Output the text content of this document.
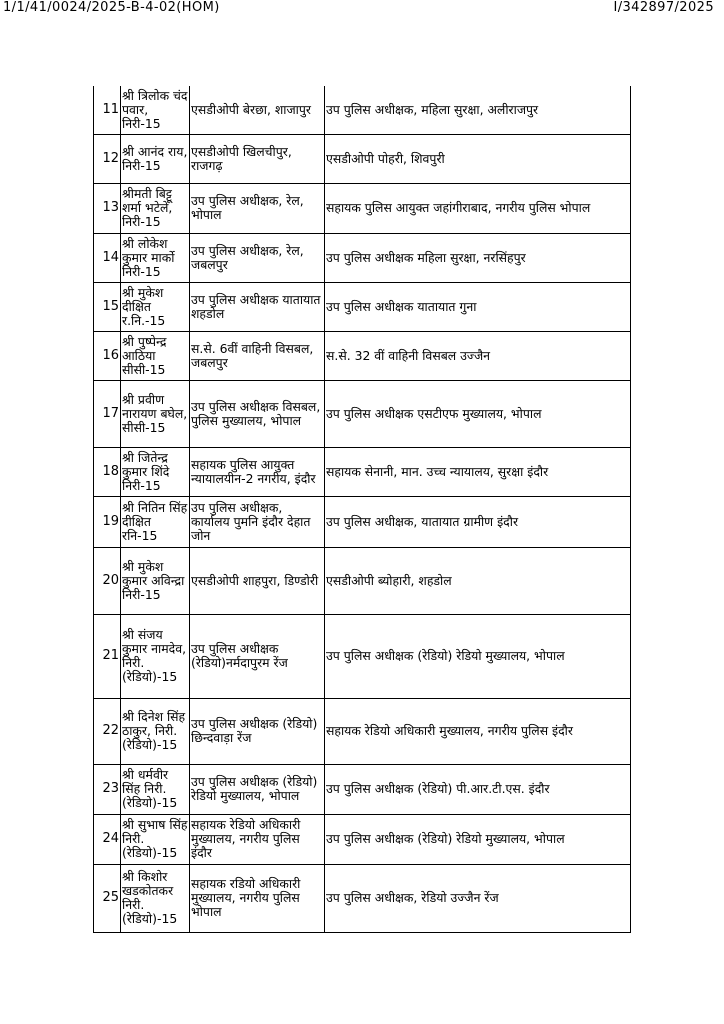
1/1/41/0024/2025-B-4-02(HOM)	I/342897/2025
11	श्री त्रिलोक चंद पवार, निरी-15	एसडीओपी बेरछा, शाजापुर	उप पुलिस अधीक्षक, महिला सुरक्षा, अलीराजपुर
12	श्री आनंद राय, निरी-15	एसडीओपी खिलचीपुर, राजगढ़	एसडीओपी पोहरी, शिवपुरी
13	श्रीमती बिट्टू शर्मा भटेले, निरी-15	उप पुलिस अधीक्षक, रेल, भोपाल	सहायक पुलिस आयुक्त जहांगीराबाद, नगरीय पुलिस भोपाल
14	श्री लोकेश कुमार मार्को निरी-15	उप पुलिस अधीक्षक, रेल, जबलपुर	उप पुलिस अधीक्षक महिला सुरक्षा, नरसिंहपुर
15	श्री मुकेश दीक्षित र.नि.-15	उप पुलिस अधीक्षक यातायात शहडोल	उप पुलिस अधीक्षक यातायात गुना
16	श्री पुष्पेन्द्र आठिया सीसी-15	स.से. 6वीं वाहिनी विसबल, जबलपुर	स.से. 32 वीं वाहिनी विसबल उज्जैन
17	श्री प्रवीण नारायण बघेल, सीसी-15	उप पुलिस अधीक्षक विसबल, पुलिस मुख्यालय, भोपाल	उप पुलिस अधीक्षक एसटीएफ मुख्यालय, भोपाल
18	श्री जितेन्द्र कुमार शिंदे निरी-15	सहायक पुलिस आयुक्त न्यायालयीन-2 नगरीय, इंदौर	सहायक सेनानी, मान. उच्च न्यायालय, सुरक्षा इंदौर
19	श्री नितिन सिंह दीक्षित रनि-15	उप पुलिस अधीक्षक, कार्यालय पुमनि इंदौर देहात जोन	उप पुलिस अधीक्षक, यातायात ग्रामीण इंदौर
20	श्री मुकेश कुमार अविन्द्रा निरी-15	एसडीओपी शाहपुरा, डिण्डोरी	एसडीओपी ब्योहारी, शहडोल
21	श्री संजय कुमार नामदेव, निरी. (रेडियो)-15	उप पुलिस अधीक्षक (रेडियो)नर्मदापुरम रेंज	उप पुलिस अधीक्षक (रेडियो) रेडियो मुख्यालय, भोपाल
22	श्री दिनेश सिंह ठाकुर, निरी. (रेडियो)-15	उप पुलिस अधीक्षक (रेडियो) छिन्दवाड़ा रेंज	सहायक रेडियो अधिकारी मुख्यालय, नगरीय पुलिस इंदौर
23	श्री धर्मवीर सिंह निरी. (रेडियो)-15	उप पुलिस अधीक्षक (रेडियो) रेडियो मुख्यालय, भोपाल	उप पुलिस अधीक्षक (रेडियो) पी.आर.टी.एस. इंदौर
24	श्री सुभाष सिंह निरी. (रेडियो)-15	सहायक रेडियो अधिकारी मुख्यालय, नगरीय पुलिस इंदौर	उप पुलिस अधीक्षक (रेडियो) रेडियो मुख्यालय, भोपाल
25	श्री किशोर खडकोतकर निरी. (रेडियो)-15	सहायक रडियो अधिकारी मुख्यालय, नगरीय पुलिस भोपाल	उप पुलिस अधीक्षक, रेडियो उज्जैन रेंज
